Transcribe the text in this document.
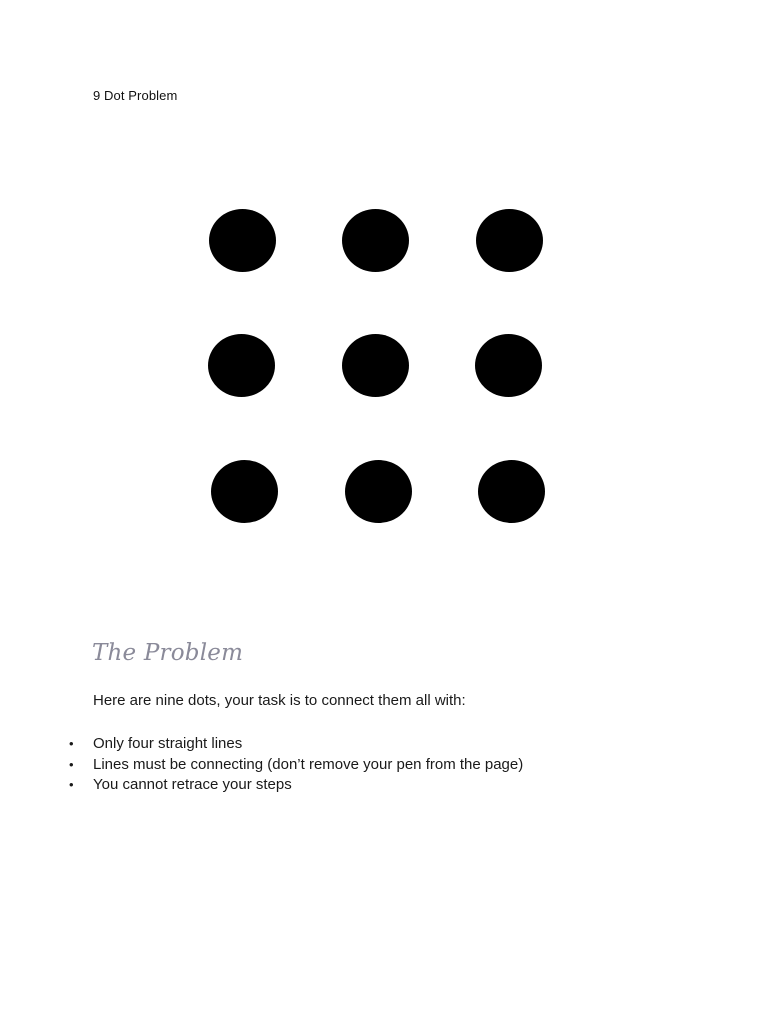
9 Dot Problem
The Problem
Here are nine dots, your task is to connect them all with:
• Only four straight lines
• Lines must be connecting (don’t remove your pen from the page)
• You cannot retrace your steps
